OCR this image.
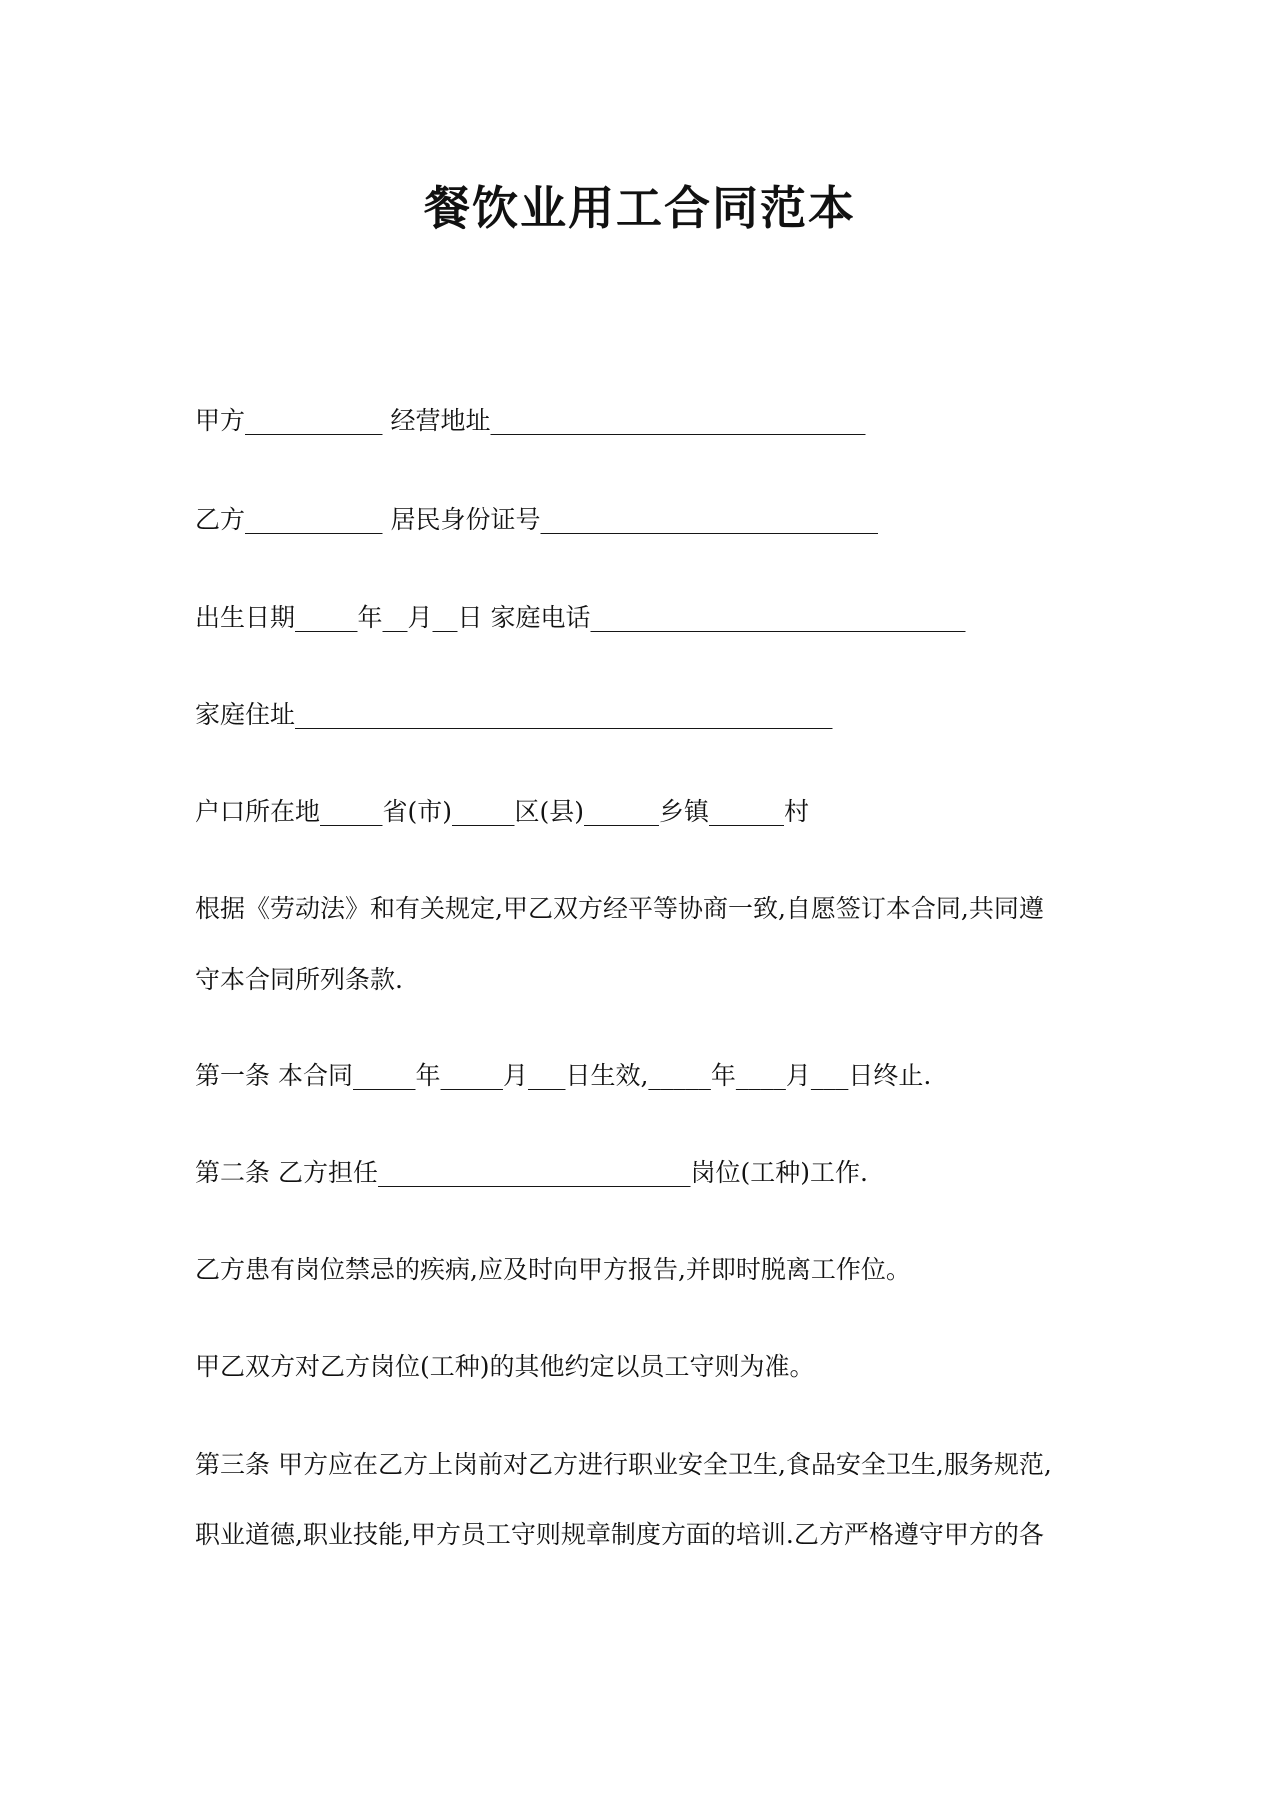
餐饮业用工合同范本
甲方___________ 经营地址______________________________
乙方___________ 居民身份证号___________________________
出生日期_____年__月__日 家庭电话______________________________
家庭住址___________________________________________
户口所在地_____省(市)_____区(县)______乡镇______村
根据《劳动法》和有关规定,甲乙双方经平等协商一致,自愿签订本合同,共同遵
守本合同所列条款.
第一条 本合同_____年_____月___日生效,_____年____月___日终止.
第二条 乙方担任_________________________岗位(工种)工作.
乙方患有岗位禁忌的疾病,应及时向甲方报告,并即时脱离工作位。
甲乙双方对乙方岗位(工种)的其他约定以员工守则为准。
第三条 甲方应在乙方上岗前对乙方进行职业安全卫生,食品安全卫生,服务规范,
职业道德,职业技能,甲方员工守则规章制度方面的培训.乙方严格遵守甲方的各
